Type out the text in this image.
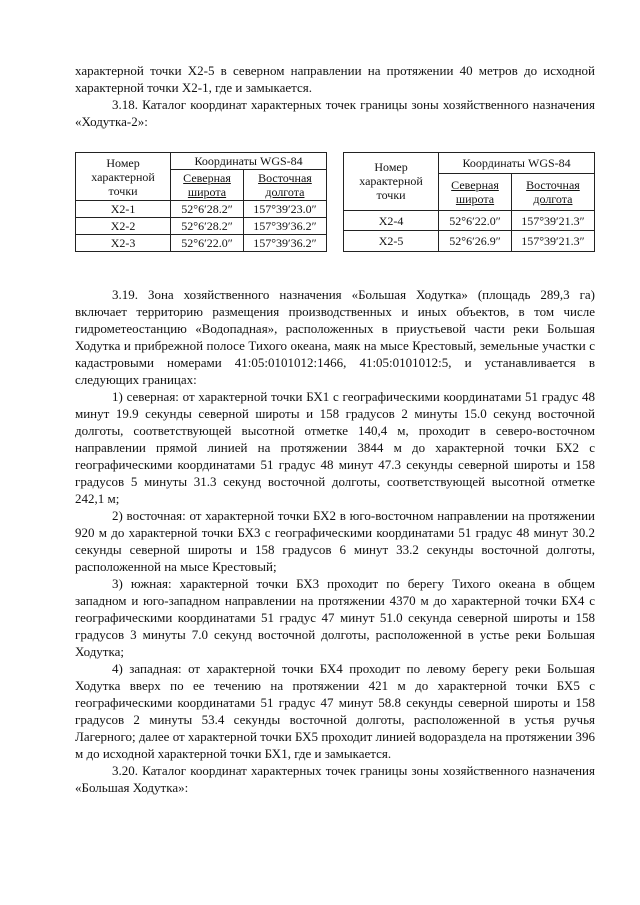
характерной точки Х2-5 в северном направлении на протяжении 40 метров до исходной характерной точки Х2-1, где и замыкается.

3.18. Каталог координат характерных точек границы зоны хозяйственного назначения «Ходутка-2»:

Номер характерной точки	Координаты WGS-84	
	Северная широта	Восточная долгота
Х2-1	52°6′28.2″	157°39′23.0″
Х2-2	52°6′28.2″	157°39′36.2″
Х2-3	52°6′22.0″	157°39′36.2″
Номер характерной точки	Координаты WGS-84	
	Северная широта	Восточная долгота
Х2-4	52°6′22.0″	157°39′21.3″
Х2-5	52°6′26.9″	157°39′21.3″

3.19. Зона хозяйственного назначения «Большая Ходутка» (площадь 289,3 га) включает территорию размещения производственных и иных объектов, в том числе гидрометеостанцию «Водопадная», расположенных в приустьевой части реки Большая Ходутка и прибрежной полосе Тихого океана, маяк на мысе Крестовый, земельные участки с кадастровыми номерами 41:05:0101012:1466, 41:05:0101012:5, и устанавливается в следующих границах:

1) северная: от характерной точки БХ1 с географическими координатами 51 градус 48 минут 19.9 секунды северной широты и 158 градусов 2 минуты 15.0 секунд восточной долготы, соответствующей высотной отметке 140,4 м, проходит в северо-восточном направлении прямой линией на протяжении 3844 м до характерной точки БХ2 с географическими координатами 51 градус 48 минут 47.3 секунды северной широты и 158 градусов 5 минуты 31.3 секунд восточной долготы, соответствующей высотной отметке 242,1 м;

2) восточная: от характерной точки БХ2 в юго-восточном направлении на протяжении 920 м до характерной точки БХ3 с географическими координатами 51 градус 48 минут 30.2 секунды северной широты и 158 градусов 6 минут 33.2 секунды восточной долготы, расположенной на мысе Крестовый;

3) южная: характерной точки БХ3 проходит по берегу Тихого океана в общем западном и юго-западном направлении на протяжении 4370 м до характерной точки БХ4 с географическими координатами 51 градус 47 минут 51.0 секунда северной широты и 158 градусов 3 минуты 7.0 секунд восточной долготы, расположенной в устье реки Большая Ходутка;

4) западная: от характерной точки БХ4 проходит по левому берегу реки Большая Ходутка вверх по ее течению на протяжении 421 м до характерной точки БХ5 с географическими координатами 51 градус 47 минут 58.8 секунды северной широты и 158 градусов 2 минуты 53.4 секунды восточной долготы, расположенной в устья ручья Лагерного; далее от характерной точки БХ5 проходит линией водораздела на протяжении 396 м до исходной характерной точки БХ1, где и замыкается.

3.20. Каталог координат характерных точек границы зоны хозяйственного назначения «Большая Ходутка»:
